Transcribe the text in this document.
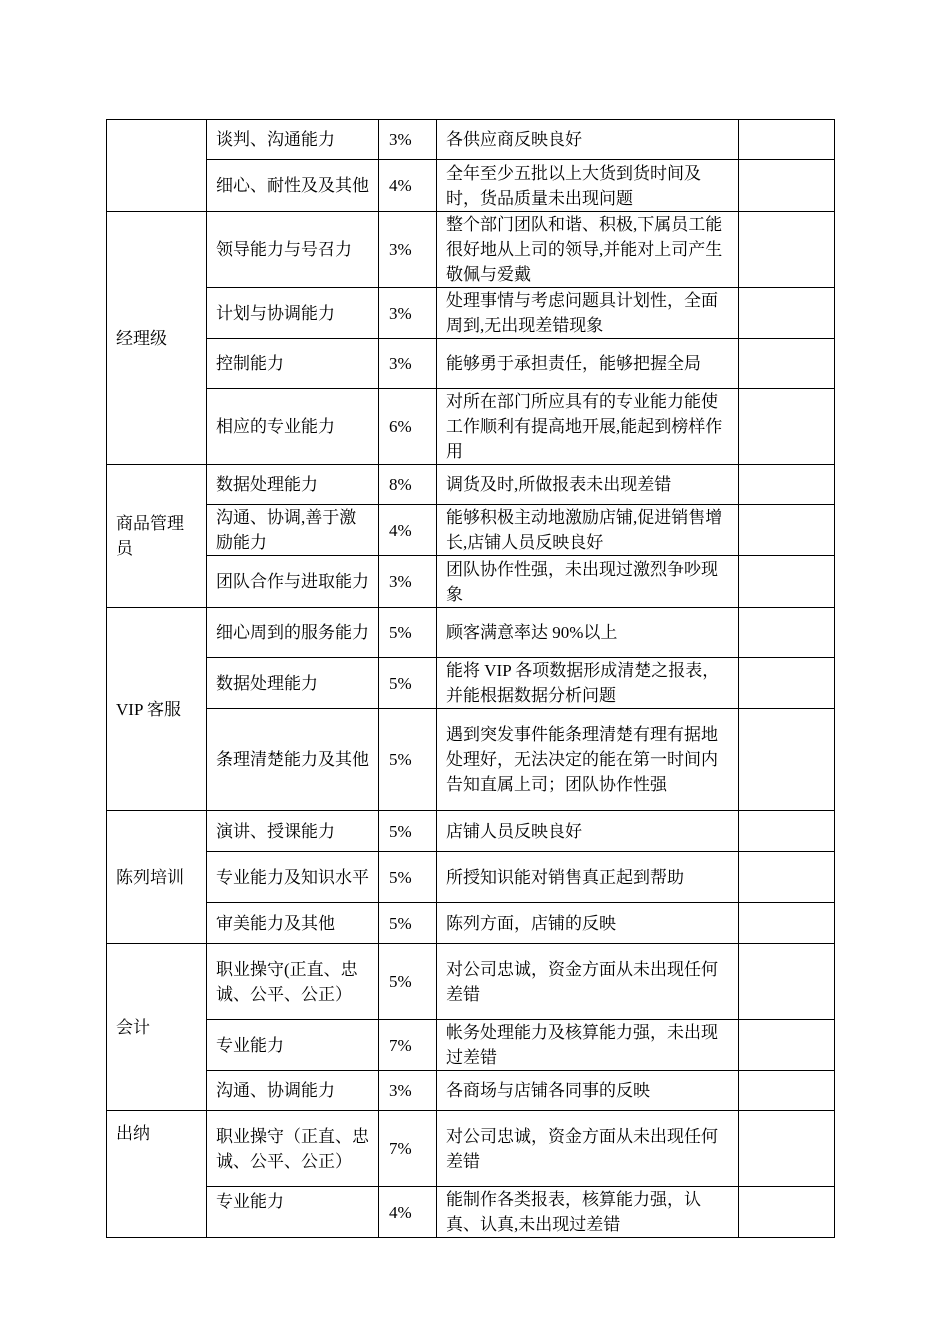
	谈判、沟通能力	3%	各供应商反映良好	
	细心、耐性及及其他	4%	全年至少五批以上大货到货时间及时，货品质量未出现问题	
经理级	领导能力与号召力	3%	整个部门团队和谐、积极,下属员工能很好地从上司的领导,并能对上司产生敬佩与爱戴	
	计划与协调能力	3%	处理事情与考虑问题具计划性，全面周到,无出现差错现象	
	控制能力	3%	能够勇于承担责任，能够把握全局	
	相应的专业能力	6%	对所在部门所应具有的专业能力能使工作顺利有提高地开展,能起到榜样作用	
商品管理员	数据处理能力	8%	调货及时,所做报表未出现差错	
	沟通、协调,善于激励能力	4%	能够积极主动地激励店铺,促进销售增长,店铺人员反映良好	
	团队合作与进取能力	3%	团队协作性强，未出现过激烈争吵现象	
VIP 客服	细心周到的服务能力	5%	顾客满意率达 90%以上	
	数据处理能力	5%	能将 VIP 各项数据形成清楚之报表，并能根据数据分析问题	
	条理清楚能力及其他	5%	遇到突发事件能条理清楚有理有据地处理好，无法决定的能在第一时间内告知直属上司；团队协作性强	
陈列培训	演讲、授课能力	5%	店铺人员反映良好	
	专业能力及知识水平	5%	所授知识能对销售真正起到帮助	
	审美能力及其他	5%	陈列方面，店铺的反映	
会计	职业操守(正直、忠诚、公平、公正）	5%	对公司忠诚，资金方面从未出现任何差错	
	专业能力	7%	帐务处理能力及核算能力强，未出现过差错	
	沟通、协调能力	3%	各商场与店铺各同事的反映	
出纳	职业操守（正直、忠诚、公平、公正）	7%	对公司忠诚，资金方面从未出现任何差错	
	专业能力	4%	能制作各类报表，核算能力强，认真、认真,未出现过差错	
